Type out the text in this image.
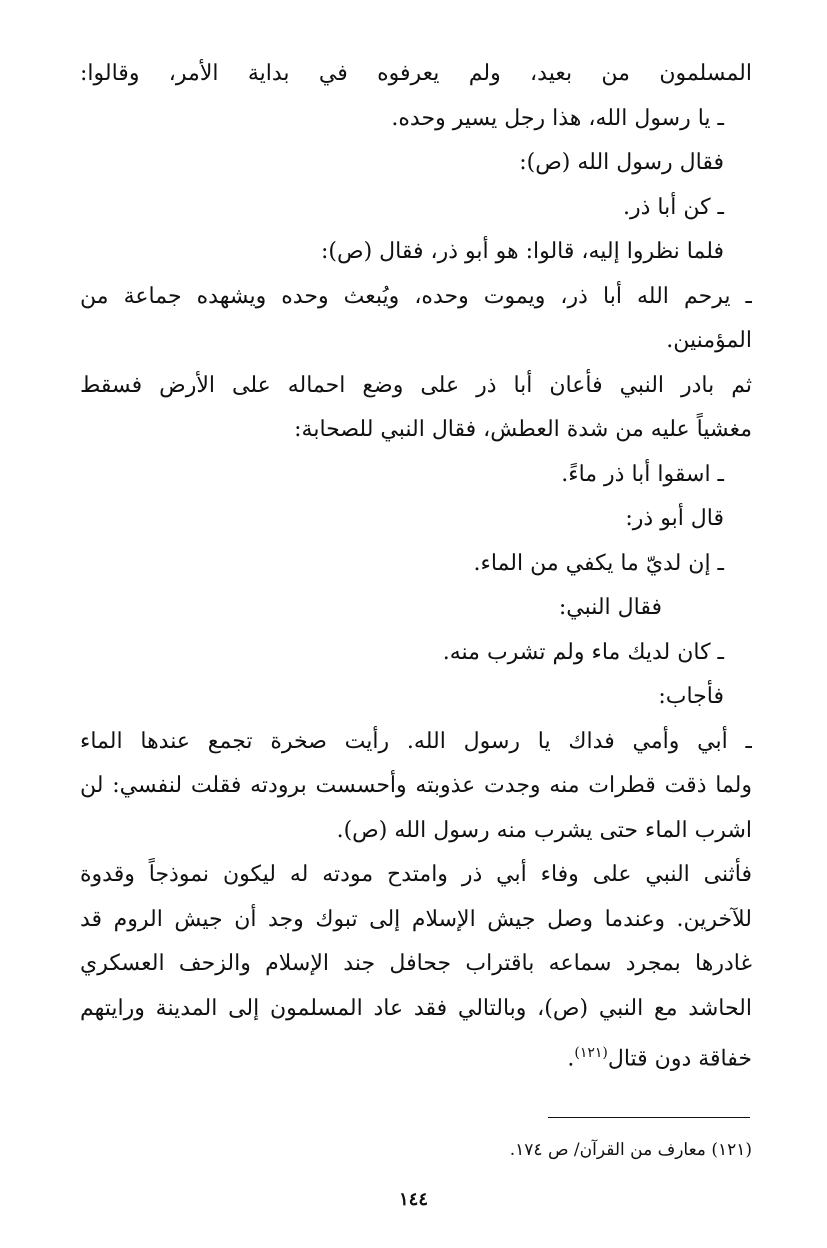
المسلمون من بعيد، ولم يعرفوه في بداية الأمر، وقالوا:
ـ يا رسول الله، هذا رجل يسير وحده.
فقال رسول الله (ص):
ـ كن أبا ذر.
فلما نظروا إليه، قالوا: هو أبو ذر، فقال (ص):
ـ يرحم الله أبا ذر، ويموت وحده، ويُبعث وحده ويشهده جماعة من
المؤمنين.
ثم بادر النبي فأعان أبا ذر على وضع احماله على الأرض فسقط
مغشياً عليه من شدة العطش، فقال النبي للصحابة:
ـ اسقوا أبا ذر ماءً.
قال أبو ذر:
ـ إن لديّ ما يكفي من الماء.
فقال النبي:
ـ كان لديك ماء ولم تشرب منه.
فأجاب:
ـ أبي وأمي فداك يا رسول الله. رأيت صخرة تجمع عندها الماء
ولما ذقت قطرات منه وجدت عذوبته وأحسست برودته فقلت لنفسي: لن
اشرب الماء حتى يشرب منه رسول الله (ص).
فأثنى النبي على وفاء أبي ذر وامتدح مودته له ليكون نموذجاً وقدوة
للآخرين. وعندما وصل جيش الإسلام إلى تبوك وجد أن جيش الروم قد
غادرها بمجرد سماعه باقتراب جحافل جند الإسلام والزحف العسكري
الحاشد مع النبي (ص)، وبالتالي فقد عاد المسلمون إلى المدينة ورايتهم
خفاقة دون قتال$^{(١٢١)}$.
(١٢١) معارف من القرآن/ ص ١٧٤.
١٤٤
